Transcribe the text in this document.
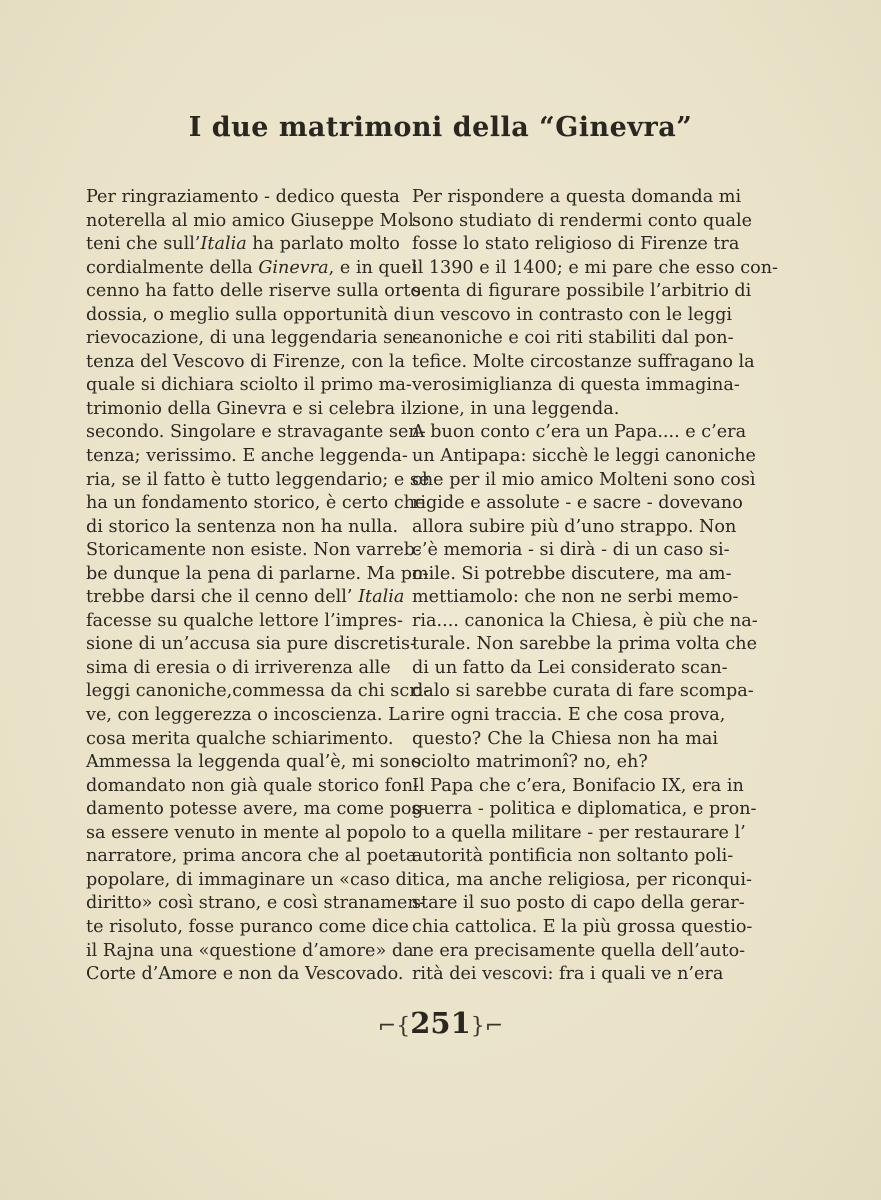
I due matrimoni della “Ginevra”
Per ringraziamento - dedico questa
noterella al mio amico Giuseppe Mol-
teni che sull’Italia ha parlato molto
cordialmente della Ginevra, e in quel
cenno ha fatto delle riserve sulla orto-
dossia, o meglio sulla opportunità di
rievocazione, di una leggendaria sen-
tenza del Vescovo di Firenze, con la
quale si dichiara sciolto il primo ma-
trimonio della Ginevra e si celebra il
secondo. Singolare e stravagante sen-
tenza; verissimo. E anche leggenda-
ria, se il fatto è tutto leggendario; e se
ha un fondamento storico, è certo che
di storico la sentenza non ha nulla.
Storicamente non esiste. Non varreb-
be dunque la pena di parlarne. Ma po-
trebbe darsi che il cenno dell’ Italia
facesse su qualche lettore l’impres-
sione di un’accusa sia pure discretis-
sima di eresia o di irriverenza alle
leggi canoniche,commessa da chi scri-
ve, con leggerezza o incoscienza. La
cosa merita qualche schiarimento.
Ammessa la leggenda qual’è, mi sono
domandato non già quale storico fon-
damento potesse avere, ma come pos-
sa essere venuto in mente al popolo
narratore, prima ancora che al poeta
popolare, di immaginare un «caso di
diritto» così strano, e così stranamen-
te risoluto, fosse puranco come dice
il Rajna una «questione d’amore» da
Corte d’Amore e non da Vescovado.
Per rispondere a questa domanda mi
sono studiato di rendermi conto quale
fosse lo stato religioso di Firenze tra
il 1390 e il 1400; e mi pare che esso con-
senta di figurare possibile l’arbitrio di
un vescovo in contrasto con le leggi
canoniche e coi riti stabiliti dal pon-
tefice. Molte circostanze suffragano la
verosimiglianza di questa immagina-
zione, in una leggenda.
A buon conto c’era un Papa.... e c’era
un Antipapa: sicchè le leggi canoniche
che per il mio amico Molteni sono così
rigide e assolute - e sacre - dovevano
allora subire più d’uno strappo. Non
c’è memoria - si dirà - di un caso si-
mile. Si potrebbe discutere, ma am-
mettiamolo: che non ne serbi memo-
ria.... canonica la Chiesa, è più che na-
turale. Non sarebbe la prima volta che
di un fatto da Lei considerato scan-
dalo si sarebbe curata di fare scompa-
rire ogni traccia. E che cosa prova,
questo? Che la Chiesa non ha mai
sciolto matrimonî? no, eh?
Il Papa che c’era, Bonifacio IX, era in
guerra - politica e diplomatica, e pron-
to a quella militare - per restaurare l’
autorità pontificia non soltanto poli-
tica, ma anche religiosa, per riconqui-
stare il suo posto di capo della gerar-
chia cattolica. E la più grossa questio-
ne era precisamente quella dell’auto-
rità dei vescovi: fra i quali ve n’era
⌐{251}⌐
